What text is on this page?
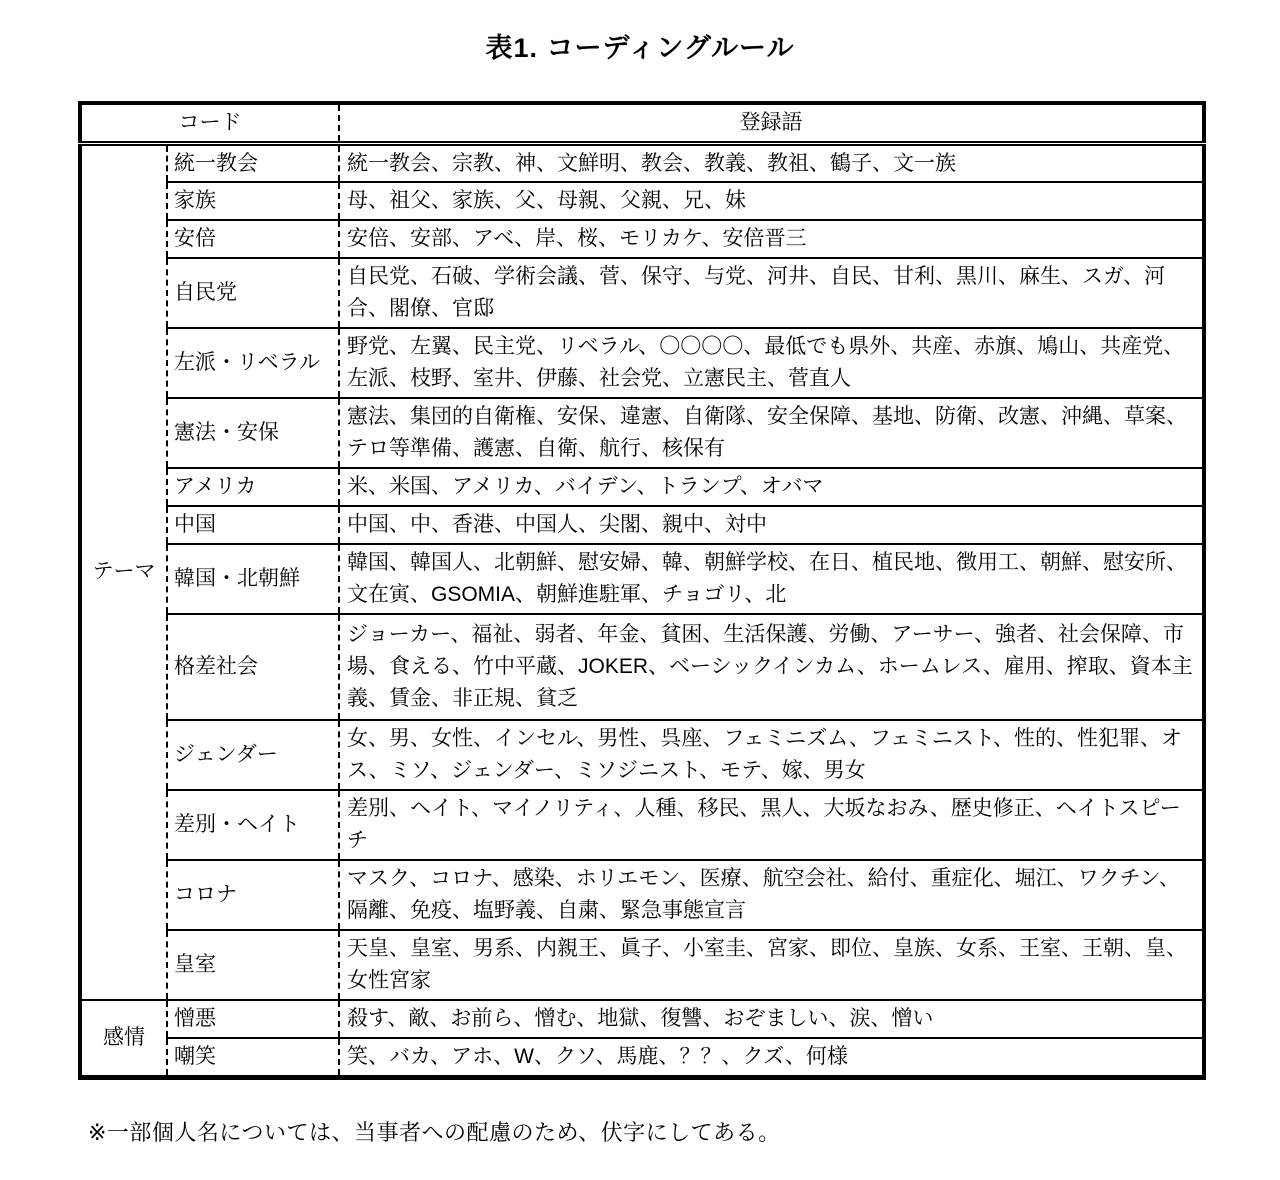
表1. コーディングルール
コード		登録語
テーマ	統一教会	統一教会、宗教、神、文鮮明、教会、教義、教祖、鶴子、文一族
	家族	母、祖父、家族、父、母親、父親、兄、妹
	安倍	安倍、安部、アベ、岸、桜、モリカケ、安倍晋三
	自民党	自民党、石破、学術会議、菅、保守、与党、河井、自民、甘利、黒川、麻生、スガ、河合、閣僚、官邸
	左派・リベラル	野党、左翼、民主党、リベラル、〇〇〇〇、最低でも県外、共産、赤旗、鳩山、共産党、左派、枝野、室井、伊藤、社会党、立憲民主、菅直人
	憲法・安保	憲法、集団的自衛権、安保、違憲、自衛隊、安全保障、基地、防衛、改憲、沖縄、草案、テロ等準備、護憲、自衛、航行、核保有
	アメリカ	米、米国、アメリカ、バイデン、トランプ、オバマ
	中国	中国、中、香港、中国人、尖閣、親中、対中
	韓国・北朝鮮	韓国、韓国人、北朝鮮、慰安婦、韓、朝鮮学校、在日、植民地、徴用工、朝鮮、慰安所、文在寅、GSOMIA、朝鮮進駐軍、チョゴリ、北
	格差社会	ジョーカー、福祉、弱者、年金、貧困、生活保護、労働、アーサー、強者、社会保障、市場、食える、竹中平蔵、JOKER、ベーシックインカム、ホームレス、雇用、搾取、資本主義、賃金、非正規、貧乏
	ジェンダー	女、男、女性、インセル、男性、呉座、フェミニズム、フェミニスト、性的、性犯罪、オス、ミソ、ジェンダー、ミソジニスト、モテ、嫁、男女
	差別・ヘイト	差別、ヘイト、マイノリティ、人種、移民、黒人、大坂なおみ、歴史修正、ヘイトスピーチ
	コロナ	マスク、コロナ、感染、ホリエモン、医療、航空会社、給付、重症化、堀江、ワクチン、隔離、免疫、塩野義、自粛、緊急事態宣言
	皇室	天皇、皇室、男系、内親王、眞子、小室圭、宮家、即位、皇族、女系、王室、王朝、皇、女性宮家
感情	憎悪	殺す、敵、お前ら、憎む、地獄、復讐、おぞましい、涙、憎い
	嘲笑	笑、バカ、アホ、W、クソ、馬鹿、？？、クズ、何様
※一部個人名については、当事者への配慮のため、伏字にしてある。
